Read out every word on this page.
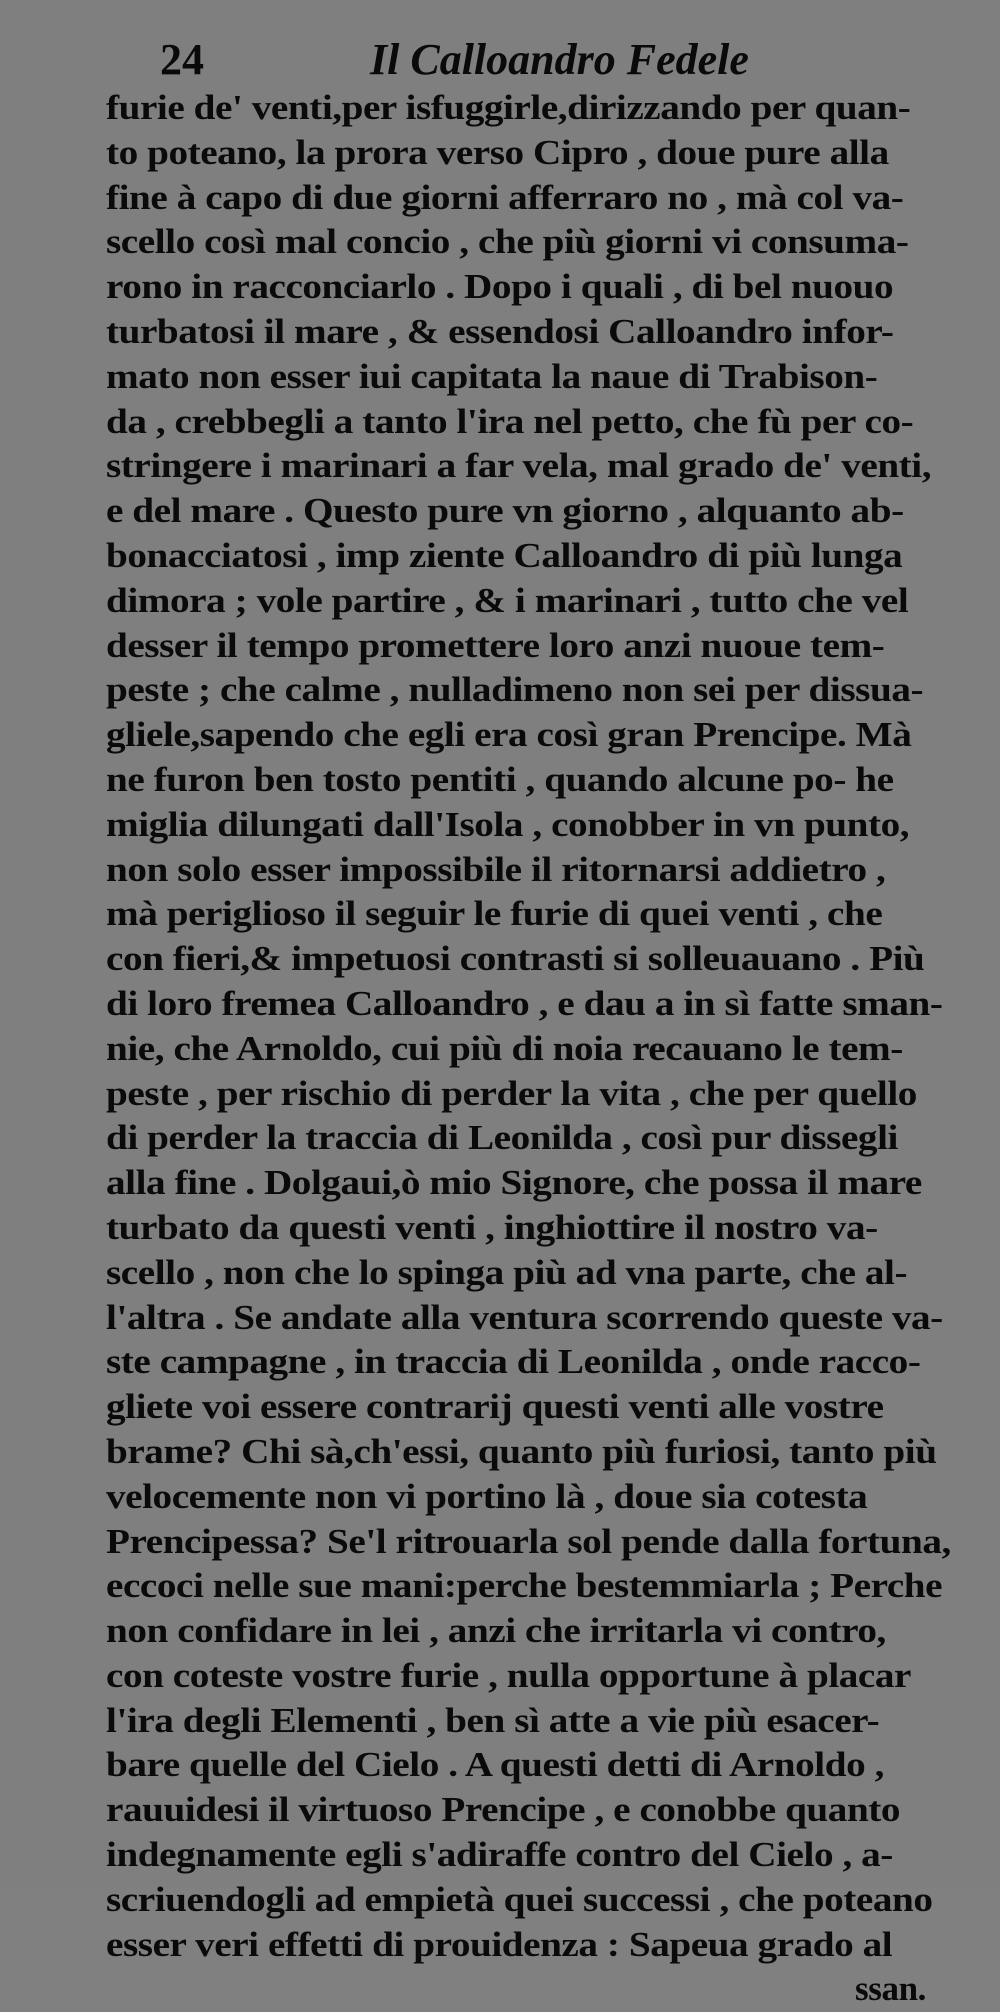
24	Il Calloandro Fedele
furie de' venti,per isfuggirle,dirizzando per quan-
to poteano, la prora verso Cipro , doue pure alla
fine à capo di due giorni afferraro no , mà col va-
scello così mal concio , che più giorni vi consuma-
rono in racconciarlo . Dopo i quali , di bel nuouo
turbatosi il mare , & essendosi Calloandro infor-
mato non esser iui capitata la naue di Trabison-
da , crebbegli a tanto l'ira nel petto, che fù per co-
stringere i marinari a far vela, mal grado de' venti,
e del mare . Questo pure vn giorno , alquanto ab-
bonacciatosi , imp ziente Calloandro di più lunga
dimora ; vole partire , & i marinari , tutto che vel
desser il tempo promettere loro anzi nuoue tem-
peste ; che calme , nulladimeno non sei per dissua-
gliele,sapendo che egli era così gran Prencipe. Mà
ne furon ben tosto pentiti , quando alcune po- he
miglia dilungati dall'Isola , conobber in vn punto,
non solo esser impossibile il ritornarsi addietro ,
mà periglioso il seguir le furie di quei venti , che
con fieri,& impetuosi contrasti si solleuauano . Più
di loro fremea Calloandro , e dau a in sì fatte sman-
nie, che Arnoldo, cui più di noia recauano le tem-
peste , per rischio di perder la vita , che per quello
di perder la traccia di Leonilda , così pur dissegli
alla fine . Dolgaui,ò mio Signore, che possa il mare
turbato da questi venti , inghiottire il nostro va-
scello , non che lo spinga più ad vna parte, che al-
l'altra . Se andate alla ventura scorrendo queste va-
ste campagne , in traccia di Leonilda , onde racco-
gliete voi essere contrarij questi venti alle vostre
brame? Chi sà,ch'essi, quanto più furiosi, tanto più
velocemente non vi portino là , doue sia cotesta
Prencipessa? Se'l ritrouarla sol pende dalla fortuna,
eccoci nelle sue mani:perche bestemmiarla ; Perche
non confidare in lei , anzi che irritarla vi contro,
con coteste vostre furie , nulla opportune à placar
l'ira degli Elementi , ben sì atte a vie più esacer-
bare quelle del Cielo . A questi detti di Arnoldo ,
rauuidesi il virtuoso Prencipe , e conobbe quanto
indegnamente egli s'adiraffe contro del Cielo , a-
scriuendogli ad empietà quei successi , che poteano
esser veri effetti di prouidenza : Sapeua grado al
ssan.
